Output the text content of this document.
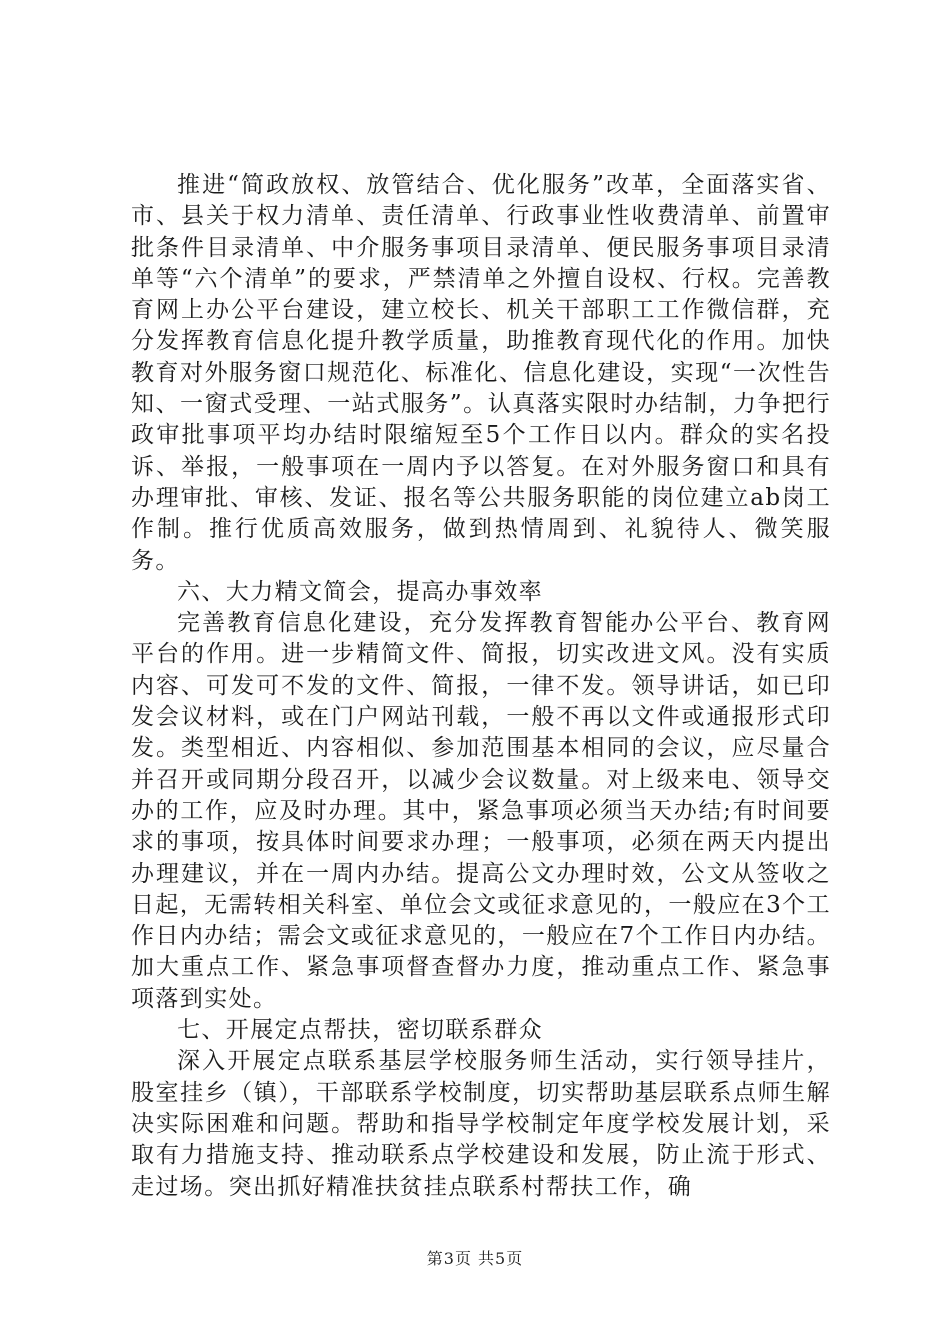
推进“简政放权、放管结合、优化服务”改革，全面落实省、市、县关于权力清单、责任清单、行政事业性收费清单、前置审批条件目录清单、中介服务事项目录清单、便民服务事项目录清单等“六个清单”的要求，严禁清单之外擅自设权、行权。完善教育网上办公平台建设，建立校长、机关干部职工工作微信群，充分发挥教育信息化提升教学质量，助推教育现代化的作用。加快教育对外服务窗口规范化、标准化、信息化建设，实现“一次性告知、一窗式受理、一站式服务”。认真落实限时办结制，力争把行政审批事项平均办结时限缩短至5个工作日以内。群众的实名投诉、举报，一般事项在一周内予以答复。在对外服务窗口和具有办理审批、审核、发证、报名等公共服务职能的岗位建立ab岗工作制。推行优质高效服务，做到热情周到、礼貌待人、微笑服务。

六、大力精文简会，提高办事效率

完善教育信息化建设，充分发挥教育智能办公平台、教育网平台的作用。进一步精简文件、简报，切实改进文风。没有实质内容、可发可不发的文件、简报，一律不发。领导讲话，如已印发会议材料，或在门户网站刊载，一般不再以文件或通报形式印发。类型相近、内容相似、参加范围基本相同的会议，应尽量合并召开或同期分段召开，以减少会议数量。对上级来电、领导交办的工作，应及时办理。其中，紧急事项必须当天办结;有时间要求的事项，按具体时间要求办理；一般事项，必须在两天内提出办理建议，并在一周内办结。提高公文办理时效，公文从签收之日起，无需转相关科室、单位会文或征求意见的，一般应在3个工作日内办结；需会文或征求意见的，一般应在7个工作日内办结。加大重点工作、紧急事项督查督办力度，推动重点工作、紧急事项落到实处。

七、开展定点帮扶，密切联系群众

深入开展定点联系基层学校服务师生活动，实行领导挂片，股室挂乡（镇），干部联系学校制度，切实帮助基层联系点师生解决实际困难和问题。帮助和指导学校制定年度学校发展计划，采取有力措施支持、推动联系点学校建设和发展，防止流于形式、走过场。突出抓好精准扶贫挂点联系村帮扶工作，确

第3页 共5页
